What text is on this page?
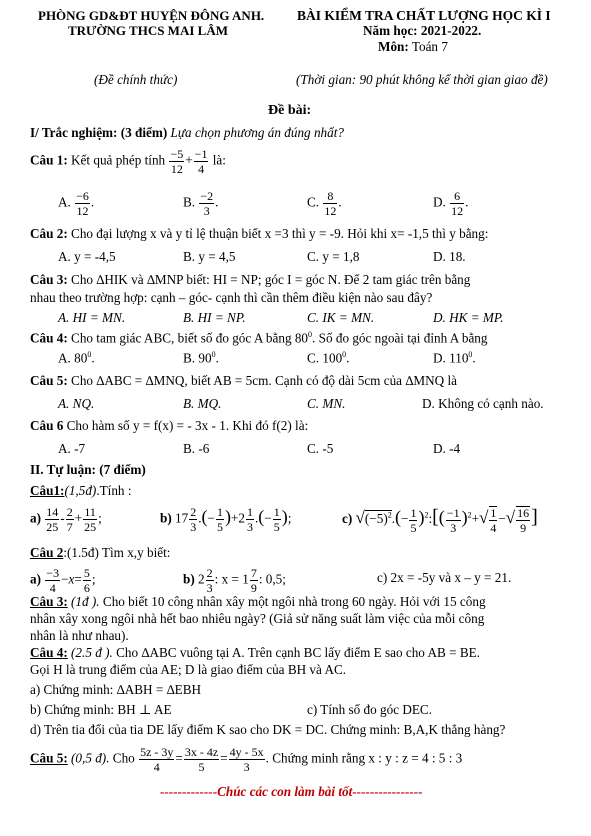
PHÒNG GD&ĐT HUYỆN ĐÔNG ANH.
TRƯỜNG THCS MAI LÂM
(Đề chính thức)
BÀI KIỂM TRA CHẤT LƯỢNG HỌC KÌ I
Năm học: 2021-2022.
Môn: Toán 7
(Thời gian: 90 phút không kể thời gian giao đề)
Đề bài:
I/ Trắc nghiệm: (3 điểm) Lựa chọn phương án đúng nhất?
Câu 1: Kết quả phép tính $\frac{-5}{12} + \frac{-1}{4}$ là:
A. $\frac{-6}{12}$ .	B. $\frac{-2}{3}$ .	C. $\frac{8}{12}$ .	D. $\frac{6}{12}$ .
Câu 2: Cho đại lượng x và y tỉ lệ thuận biết x =3 thì y = -9. Hỏi khi x= -1,5 thì y bằng:
A. y = -4,5	B. y = 4,5	C. y = 1,8	D. 18.
Câu 3: Cho ∆HIK và ∆MNP biết: HI = NP; góc I = góc N. Để 2 tam giác trên bằng
nhau theo trường hợp: cạnh – góc- cạnh thì cần thêm điều kiện nào sau đây?
A. HI = MN.	B. HI = NP.	C. IK = MN.	D. HK = MP.
Câu 4: Cho tam giác ABC, biết số đo góc A bằng $80^0$. Số đo góc ngoài tại đỉnh A bằng
A. $80^0$.	B. $90^0$.	C. $100^0$.	D. $110^0$.
Câu 5: Cho ∆ABC = ∆MNQ, biết AB = 5cm. Cạnh có độ dài 5cm của ∆MNQ là
A. NQ.	B. MQ.	C. MN.	D. Không có cạnh nào.
Câu 6 Cho hàm số y = f(x) = - 3x - 1. Khi đó f(2) là:
A. -7	B. -6	C. -5	D. -4
II. Tự luận: (7 điểm)
Câu1:(1,5đ).Tính :
$a) \frac{14}{25} - \frac{2}{7} + \frac{11}{25}$ ;	b) $17 \frac{2}{3}$ .(− $\frac{1}{5} )+2 \frac{1}{3}$ .(− $\frac{1}{5}$ );	c) $√(-5)^2.(- \frac{1}{5}$ )$^2:[( \frac{-1}{3} )^2+√ \frac{1}{4}$ −√ $\frac{16}{9}$ ]
Câu 2:(1.5đ) Tìm x,y biết:
$a) \frac{-3}{4} -x= \frac{5}{6}$ ;	b) $2 \frac{2}{3}$ : $x = 1 \frac{7}{9}$ : 0,5;	c) 2x = -5y và x – y = 21.
Câu 3: (1đ ). Cho biết 10 công nhân xây một ngôi nhà trong 60 ngày. Hỏi với 15 công
nhân xây xong ngôi nhà hết bao nhiêu ngày? (Giả sử năng suất làm việc của mỗi công
nhân là như nhau).
Câu 4: (2.5 đ ). Cho ∆ABC vuông tại A. Trên cạnh BC lấy điểm E sao cho AB = BE.
Gọi H là trung điểm của AE; D là giao điểm của BH và AC.
a) Chứng minh: ∆ABH = ∆EBH
b) Chứng minh: BH ⊥ AE	c) Tính số đo góc DEC.
d) Trên tia đối của tia DE lấy điểm K sao cho DK = DC. Chứng minh: B,A,K thẳng hàng?
Câu 5: (0,5 đ). Cho $\frac{5z - 3y}{4} = \frac{3x - 4z}{5} = \frac{4y - 5x}{3}$ . Chứng minh rằng x : y : z = 4 : 5 : 3
-------------Chúc các con làm bài tốt----------------
